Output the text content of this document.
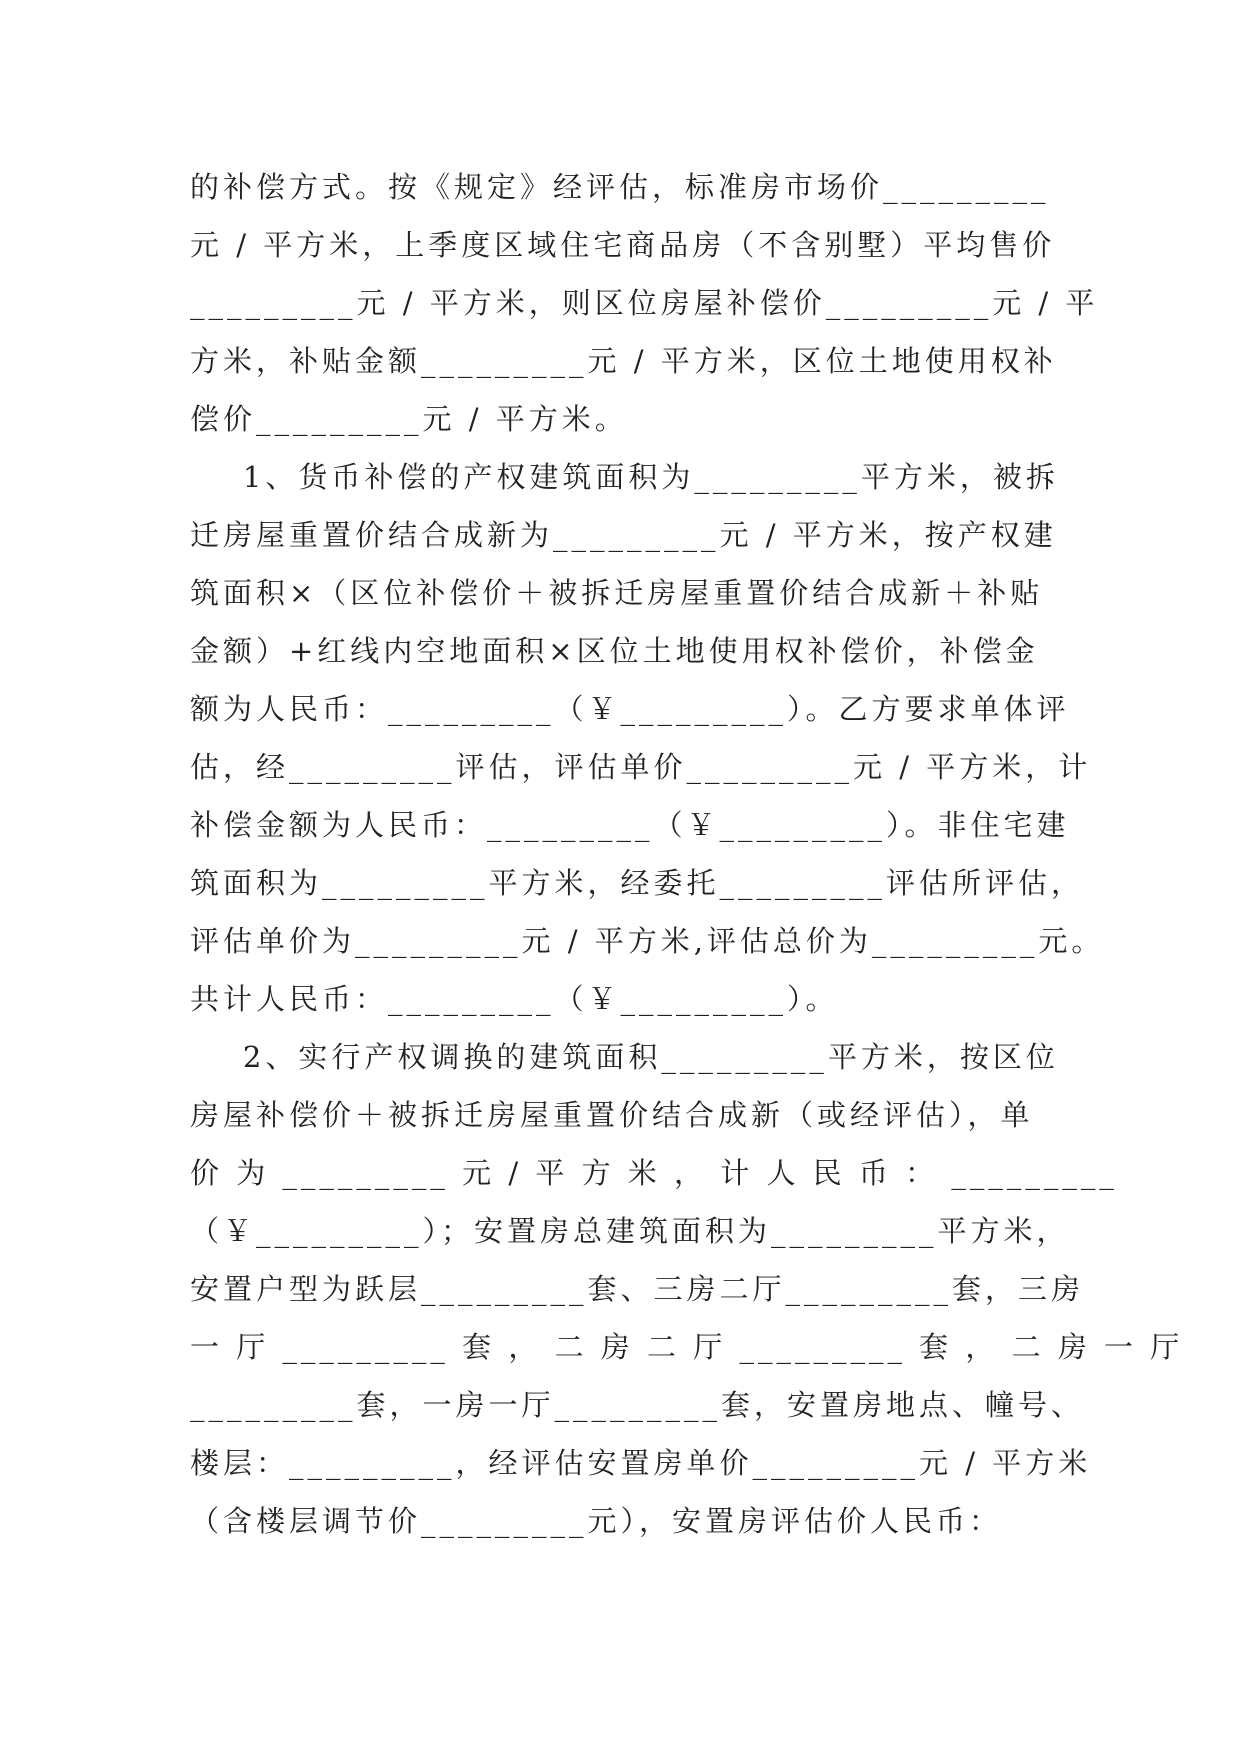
的补偿方式。按《规定》经评估，标准房市场价_________
元 / 平方米，上季度区域住宅商品房（不含别墅）平均售价
_________元 / 平方米，则区位房屋补偿价_________元 / 平
方米，补贴金额_________元 / 平方米，区位土地使用权补
偿价_________元 / 平方米。
1、货币补偿的产权建筑面积为_________平方米，被拆
迁房屋重置价结合成新为_________元 / 平方米，按产权建
筑面积×（区位补偿价＋被拆迁房屋重置价结合成新＋补贴
金额）+红线内空地面积×区位土地使用权补偿价，补偿金
额为人民币：_________（￥_________）。乙方要求单体评
估，经_________评估，评估单价_________元 / 平方米，计
补偿金额为人民币：_________（￥_________）。非住宅建
筑面积为_________平方米，经委托_________评估所评估，
评估单价为_________元 / 平方米,评估总价为_________元。
共计人民币：_________（￥_________）。
2、实行产权调换的建筑面积_________平方米，按区位
房屋补偿价＋被拆迁房屋重置价结合成新（或经评估），单
价 为 _________ 元 / 平 方 米 ， 计 人 民 币 ： _________
（￥_________）；安置房总建筑面积为_________平方米，
安置户型为跃层_________套、三房二厅_________套，三房
一 厅 _________ 套 ， 二 房 二 厅 _________ 套 ， 二 房 一 厅
_________套，一房一厅_________套，安置房地点、幢号、
楼层：_________，经评估安置房单价_________元 / 平方米
（含楼层调节价_________元），安置房评估价人民币：
